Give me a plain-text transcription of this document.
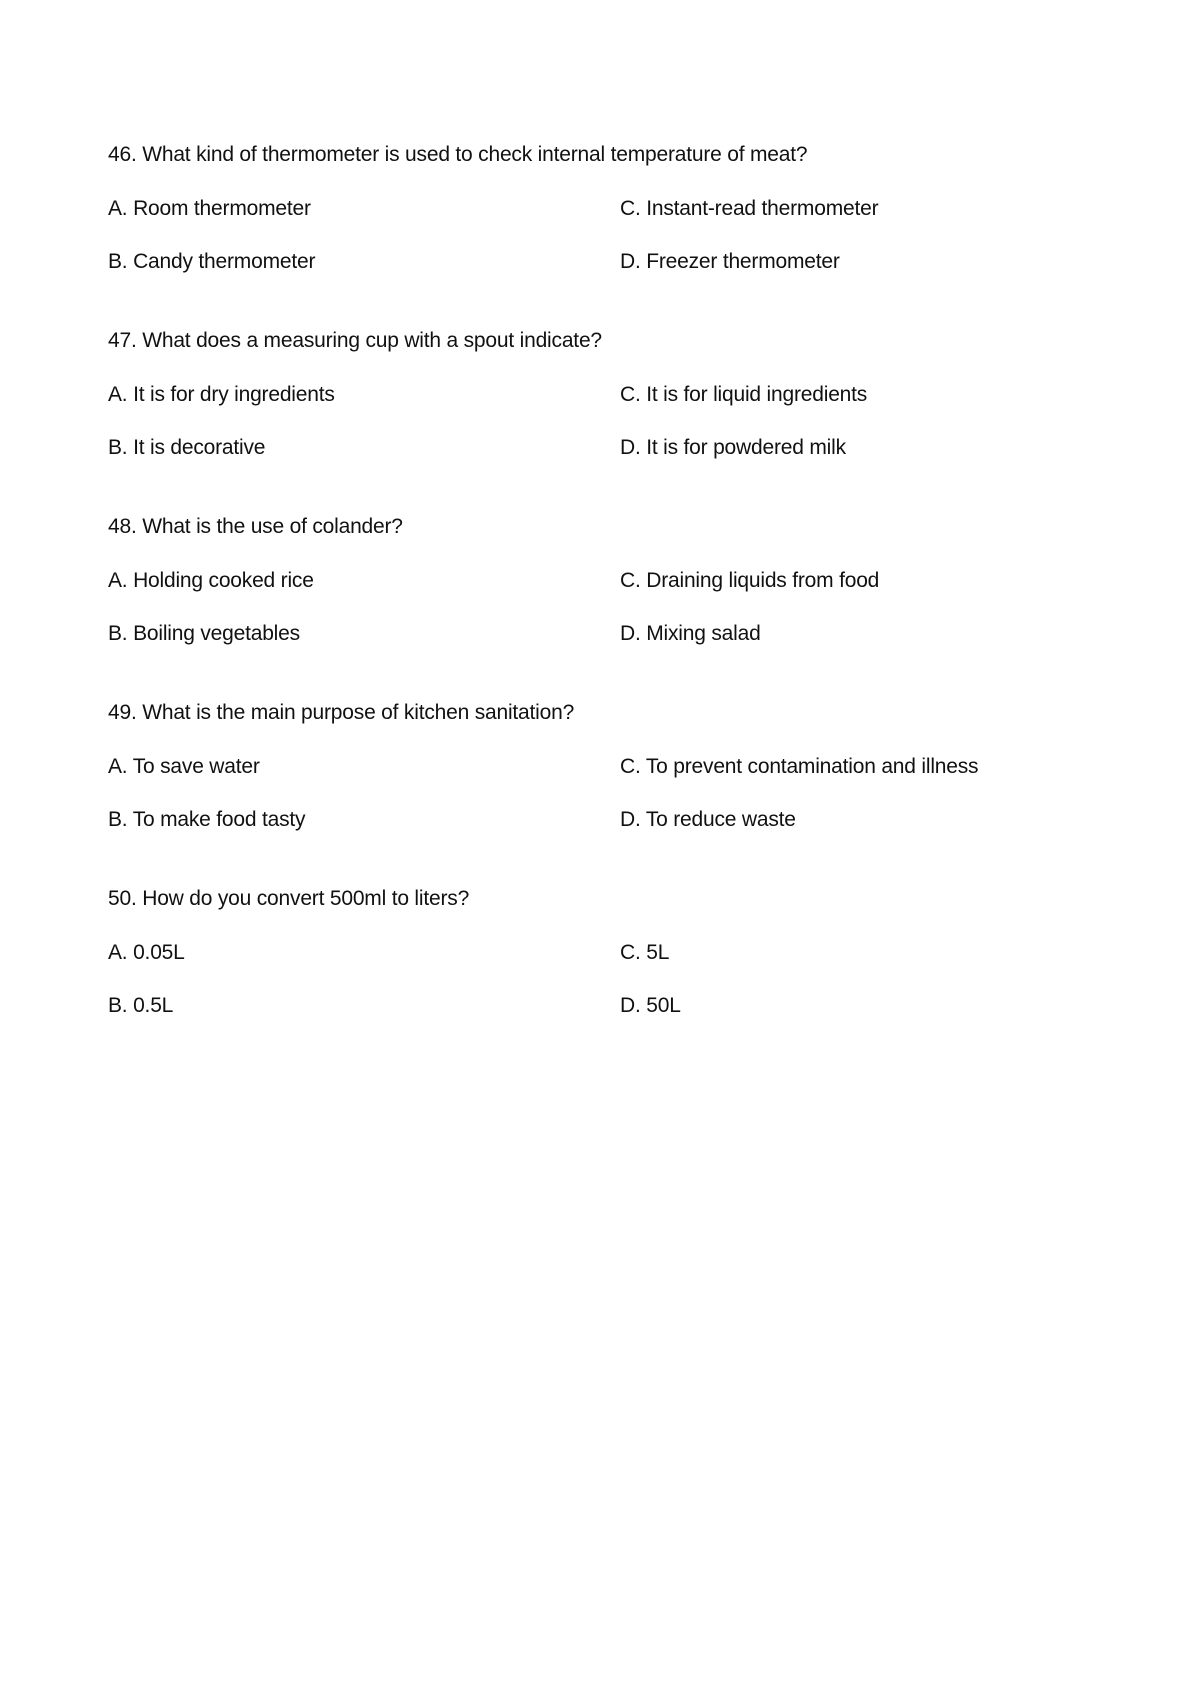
46. What kind of thermometer is used to check internal temperature of meat?

A. Room thermometer	C. Instant-read thermometer
B. Candy thermometer	D. Freezer thermometer

47. What does a measuring cup with a spout indicate?

A. It is for dry ingredients	C. It is for liquid ingredients
B. It is decorative	D. It is for powdered milk

48. What is the use of colander?

A. Holding cooked rice	C. Draining liquids from food
B. Boiling vegetables	D. Mixing salad

49. What is the main purpose of kitchen sanitation?

A. To save water	C. To prevent contamination and illness
B. To make food tasty	D. To reduce waste

50. How do you convert 500ml to liters?

A. 0.05L	C. 5L
B. 0.5L	D. 50L
